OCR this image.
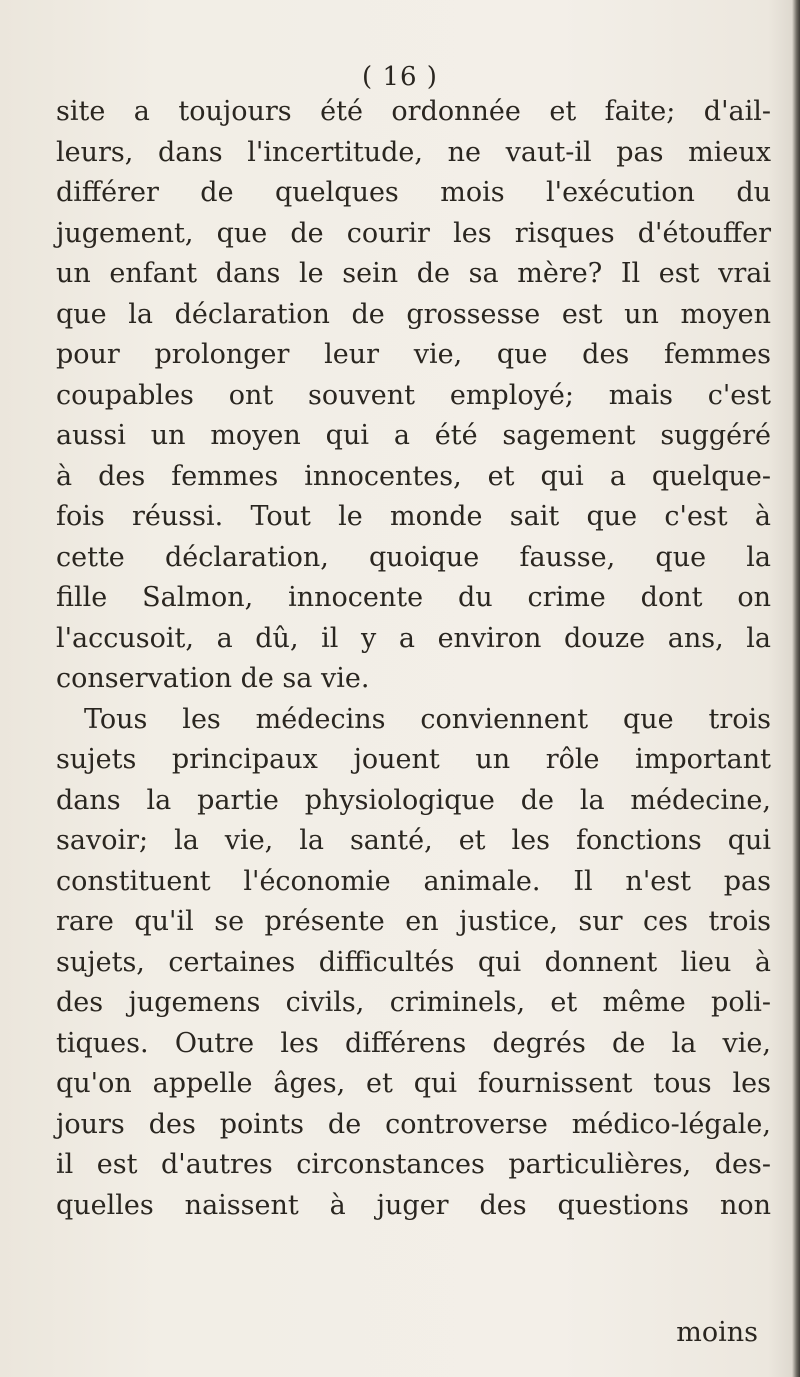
( 16 )
site a toujours été ordonnée et faite; d'ail-
leurs, dans l'incertitude, ne vaut-il pas mieux
différer de quelques mois l'exécution du
jugement, que de courir les risques d'étouffer
un enfant dans le sein de sa mère? Il est vrai
que la déclaration de grossesse est un moyen
pour prolonger leur vie, que des femmes
coupables ont souvent employé; mais c'est
aussi un moyen qui a été sagement suggéré
à des femmes innocentes, et qui a quelque-
fois réussi. Tout le monde sait que c'est à
cette déclaration, quoique fausse, que la
fille Salmon, innocente du crime dont on
l'accusoit, a dû, il y a environ douze ans, la
conservation de sa vie.
Tous les médecins conviennent que trois
sujets principaux jouent un rôle important
dans la partie physiologique de la médecine,
savoir; la vie, la santé, et les fonctions qui
constituent l'économie animale. Il n'est pas
rare qu'il se présente en justice, sur ces trois
sujets, certaines difficultés qui donnent lieu à
des jugemens civils, criminels, et même poli-
tiques. Outre les différens degrés de la vie,
qu'on appelle âges, et qui fournissent tous les
jours des points de controverse médico-légale,
il est d'autres circonstances particulières, des-
quelles naissent à juger des questions non
moins
